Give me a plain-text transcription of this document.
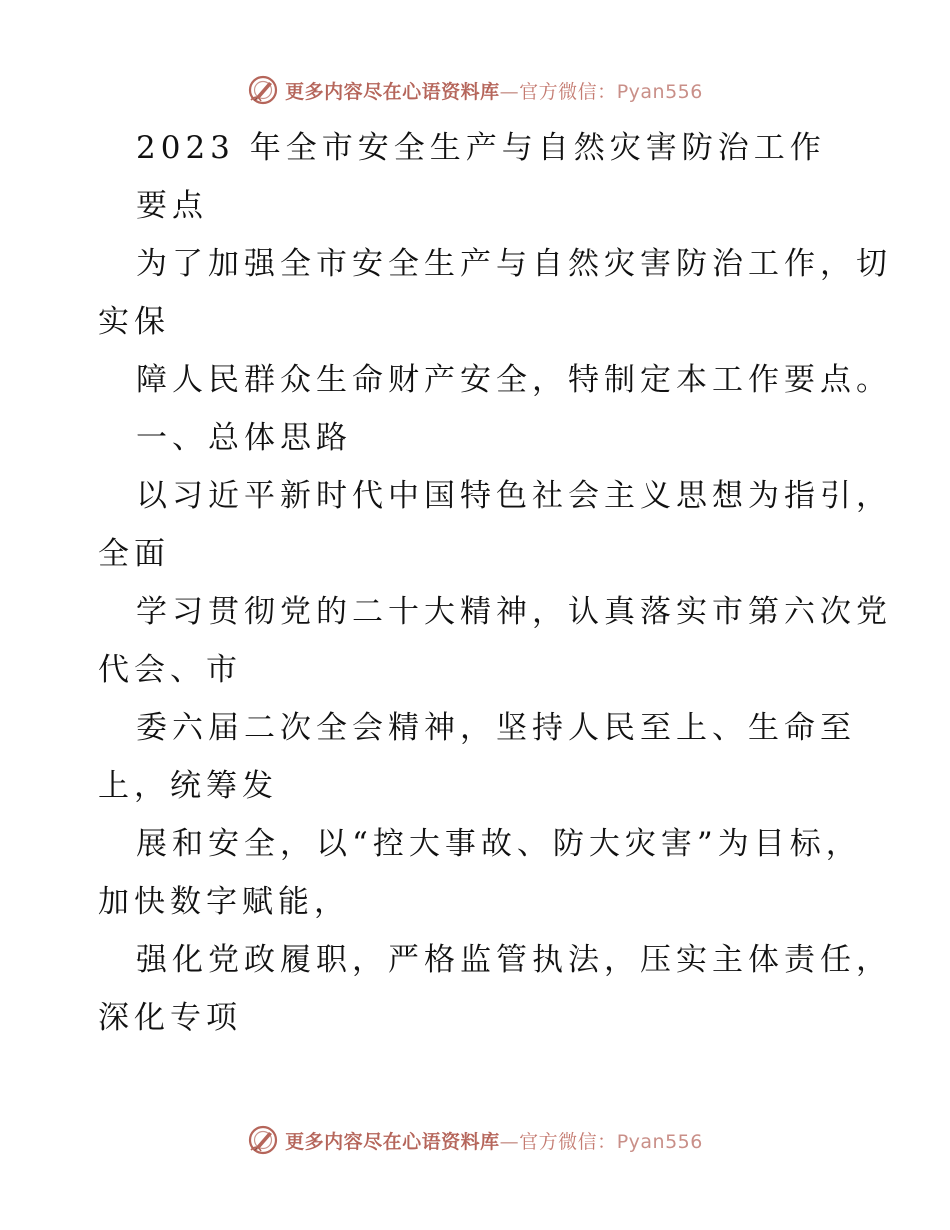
更多内容尽在心语资料库—官方微信：Pyan556
2023 年全市安全生产与自然灾害防治工作
要点
为了加强全市安全生产与自然灾害防治工作，切
实保
障人民群众生命财产安全，特制定本工作要点。
一、总体思路
以习近平新时代中国特色社会主义思想为指引，
全面
学习贯彻党的二十大精神，认真落实市第六次党
代会、市
委六届二次全会精神，坚持人民至上、生命至
上，统筹发
展和安全，以“控大事故、防大灾害”为目标，
加快数字赋能，
强化党政履职，严格监管执法，压实主体责任，
深化专项
更多内容尽在心语资料库—官方微信：Pyan556
